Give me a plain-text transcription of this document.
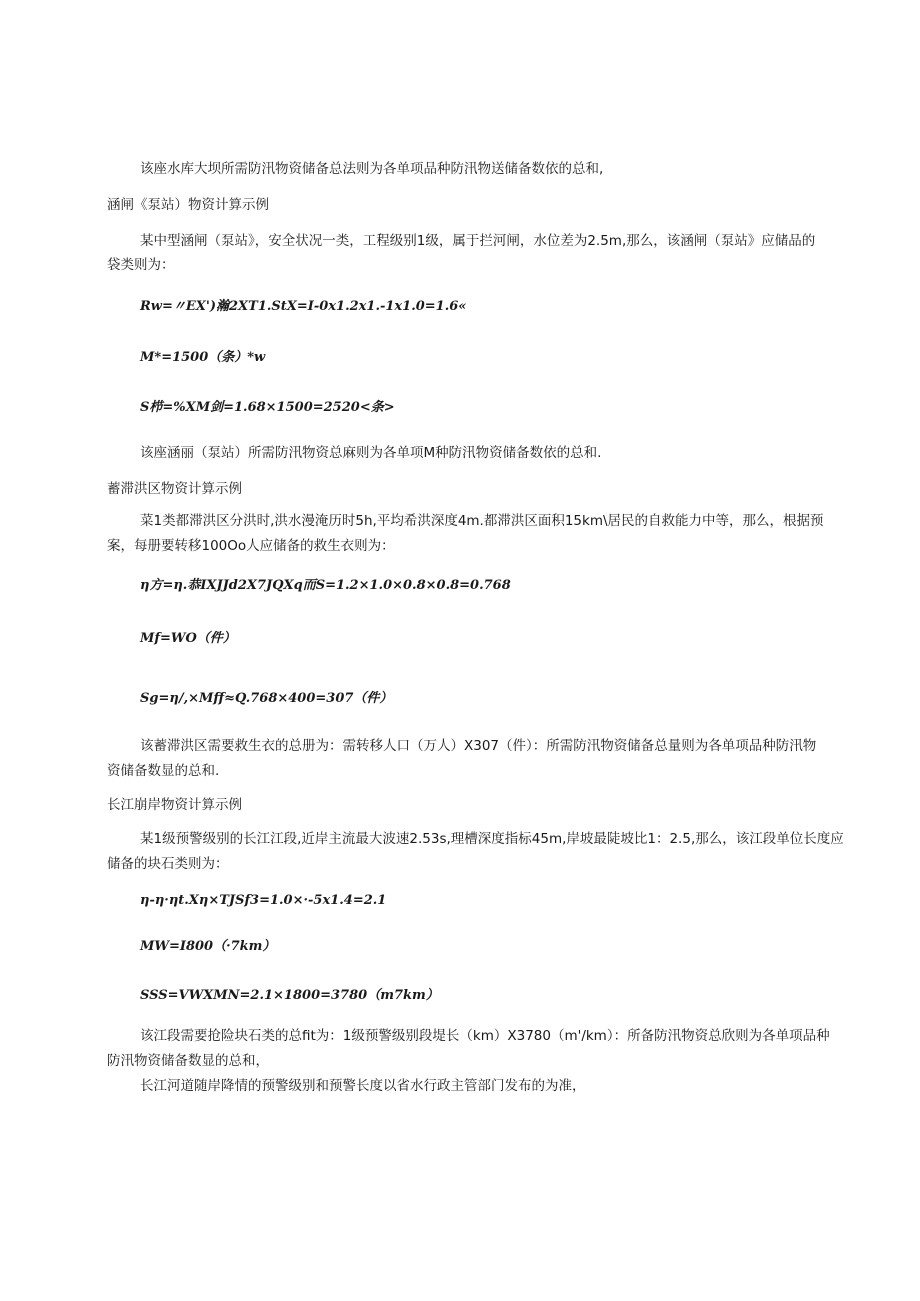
该座水库大坝所需防汛物资储备总法则为各单项品种防汛物送储备数依的总和,
涵闸《泵站）物资计算示例
某中型涵闸（泵站》，安全状况一类，工程级别1级，属于拦河闸，水位差为2.5m,那么，该涵闸（泵站》应储品的
袋类则为：
Rw=〃EX')瀚2XT1.StX=I-0x1.2x1.-1x1.0=1.6«
M*=1500（条）*w
S栉=%XM剑=1.68×1500=2520<条>
该座涵丽（泵站）所需防汛物资总麻则为各单项M种防汛物资储备数依的总和.
蓄滞洪区物资计算示例
菜1类都滞洪区分洪时,洪水漫淹历时5h,平均希洪深度4m.都滞洪区面积15km\居民的自救能力中等，那么，根据预
案，每册要转移100Oo人应储备的救生衣则为：
η方=η.恭IXJJd2X7JQXq而S=1.2×1.0×0.8×0.8=0.768
Mf=WO（件）
Sg=η/,×Mff≈Q.768×400=307（件）
该蓄滞洪区需要救生衣的总册为：需转移人口（万人）X307（件）：所需防汛物资储备总量则为各单项品种防汛物
资储备数显的总和.
长江崩岸物资计算示例
某1级预警级别的长江江段,近岸主流最大波速2.53s,理槽深度指标45m,岸坡最陡坡比1：2.5,那么，该江段单位长度应
储备的块石类则为：
η-η·ηt.Xη×TJSf3=1.0×·-5x1.4=2.1
MW=I800（·7km）
SSS=VWXMN=2.1×1800=3780（m7km）
该江段需要抢险块石类的总fit为：1级预警级别段堤长（km）X3780（m'/km）：所备防汛物资总欣则为各单项品种
防汛物资储备数显的总和，
长江河道随岸降情的预警级别和预警长度以省水行政主管部门发布的为准，
